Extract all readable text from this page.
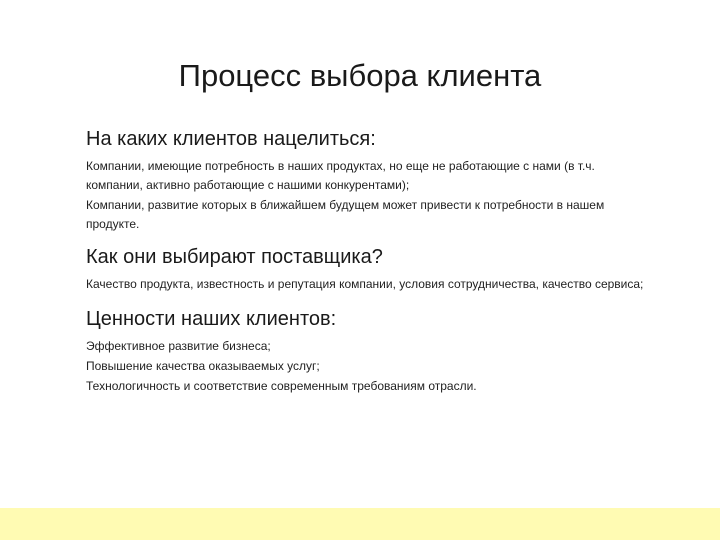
Процесс выбора клиента
На каких клиентов нацелиться:

Компании, имеющие потребность в наших продуктах, но еще не работающие с нами (в т.ч. компании, активно работающие с нашими конкурентами);

Компании, развитие которых в ближайшем будущем может привести к потребности в нашем продукте.

Как они выбирают поставщика?

Качество продукта, известность и репутация компании, условия сотрудничества, качество сервиса;

Ценности наших клиентов:

Эффективное развитие бизнеса;

Повышение качества оказываемых услуг;

Технологичность и соответствие современным требованиям отрасли.
